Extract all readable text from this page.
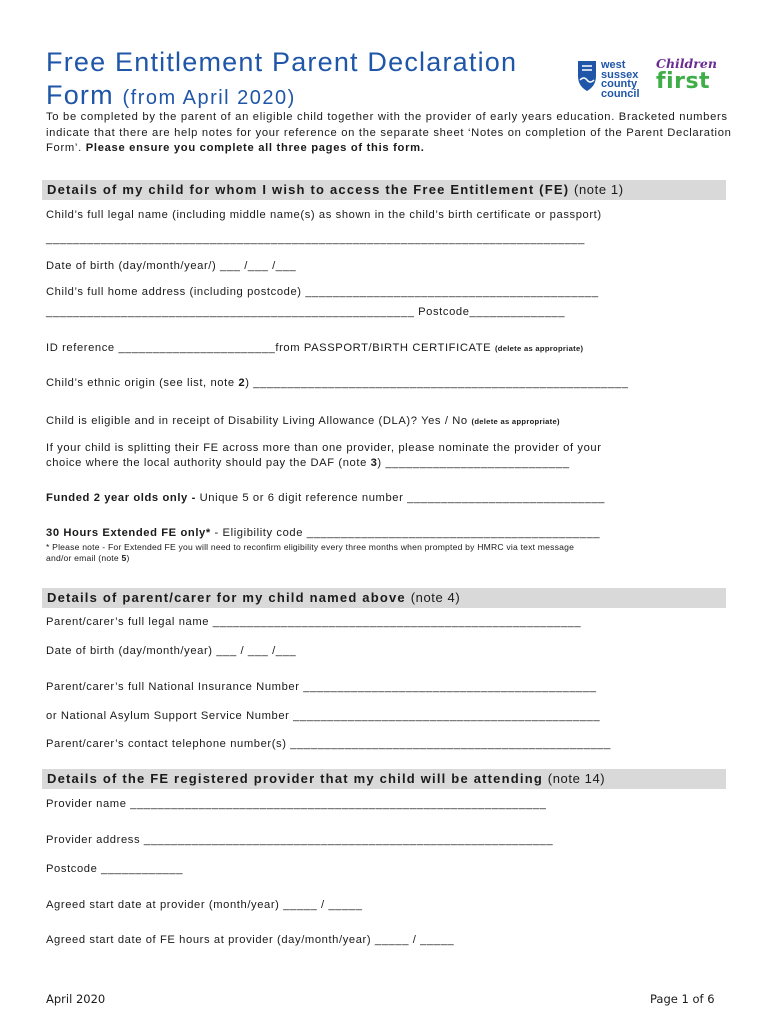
Free Entitlement Parent Declaration
Form (from April 2020)
west
sussex
county
council
Children
first
To be completed by the parent of an eligible child together with the provider of early years education. Bracketed numbers indicate that there are help notes for your reference on the separate sheet ‘Notes on completion of the Parent Declaration Form’. Please ensure you complete all three pages of this form.
Details of my child for whom I wish to access the Free Entitlement (FE) (note 1)
Child’s full legal name (including middle name(s) as shown in the child’s birth certificate or passport)
_______________________________________________________________________________
Date of birth (day/month/year/) ___ /___ /___
Child’s full home address (including postcode) ___________________________________________
______________________________________________________ Postcode______________
ID reference _______________________from PASSPORT/BIRTH CERTIFICATE (delete as appropriate)
Child’s ethnic origin (see list, note 2) _______________________________________________________
Child is eligible and in receipt of Disability Living Allowance (DLA)? Yes / No (delete as appropriate)
If your child is splitting their FE across more than one provider, please nominate the provider of your
choice where the local authority should pay the DAF (note 3) ___________________________
Funded 2 year olds only - Unique 5 or 6 digit reference number _____________________________
30 Hours Extended FE only* - Eligibility code ___________________________________________
* Please note - For Extended FE you will need to reconfirm eligibility every three months when prompted by HMRC via text message
and/or email (note 5)
Details of parent/carer for my child named above (note 4)
Parent/carer’s full legal name ______________________________________________________
Date of birth (day/month/year) ___ / ___ /___
Parent/carer’s full National Insurance Number ___________________________________________
or National Asylum Support Service Number _____________________________________________
Parent/carer’s contact telephone number(s) _______________________________________________
Details of the FE registered provider that my child will be attending (note 14)
Provider name _____________________________________________________________
Provider address ____________________________________________________________
Postcode ____________
Agreed start date at provider (month/year) _____ / _____
Agreed start date of FE hours at provider (day/month/year) _____ / _____
April 2020	Page 1 of 6
